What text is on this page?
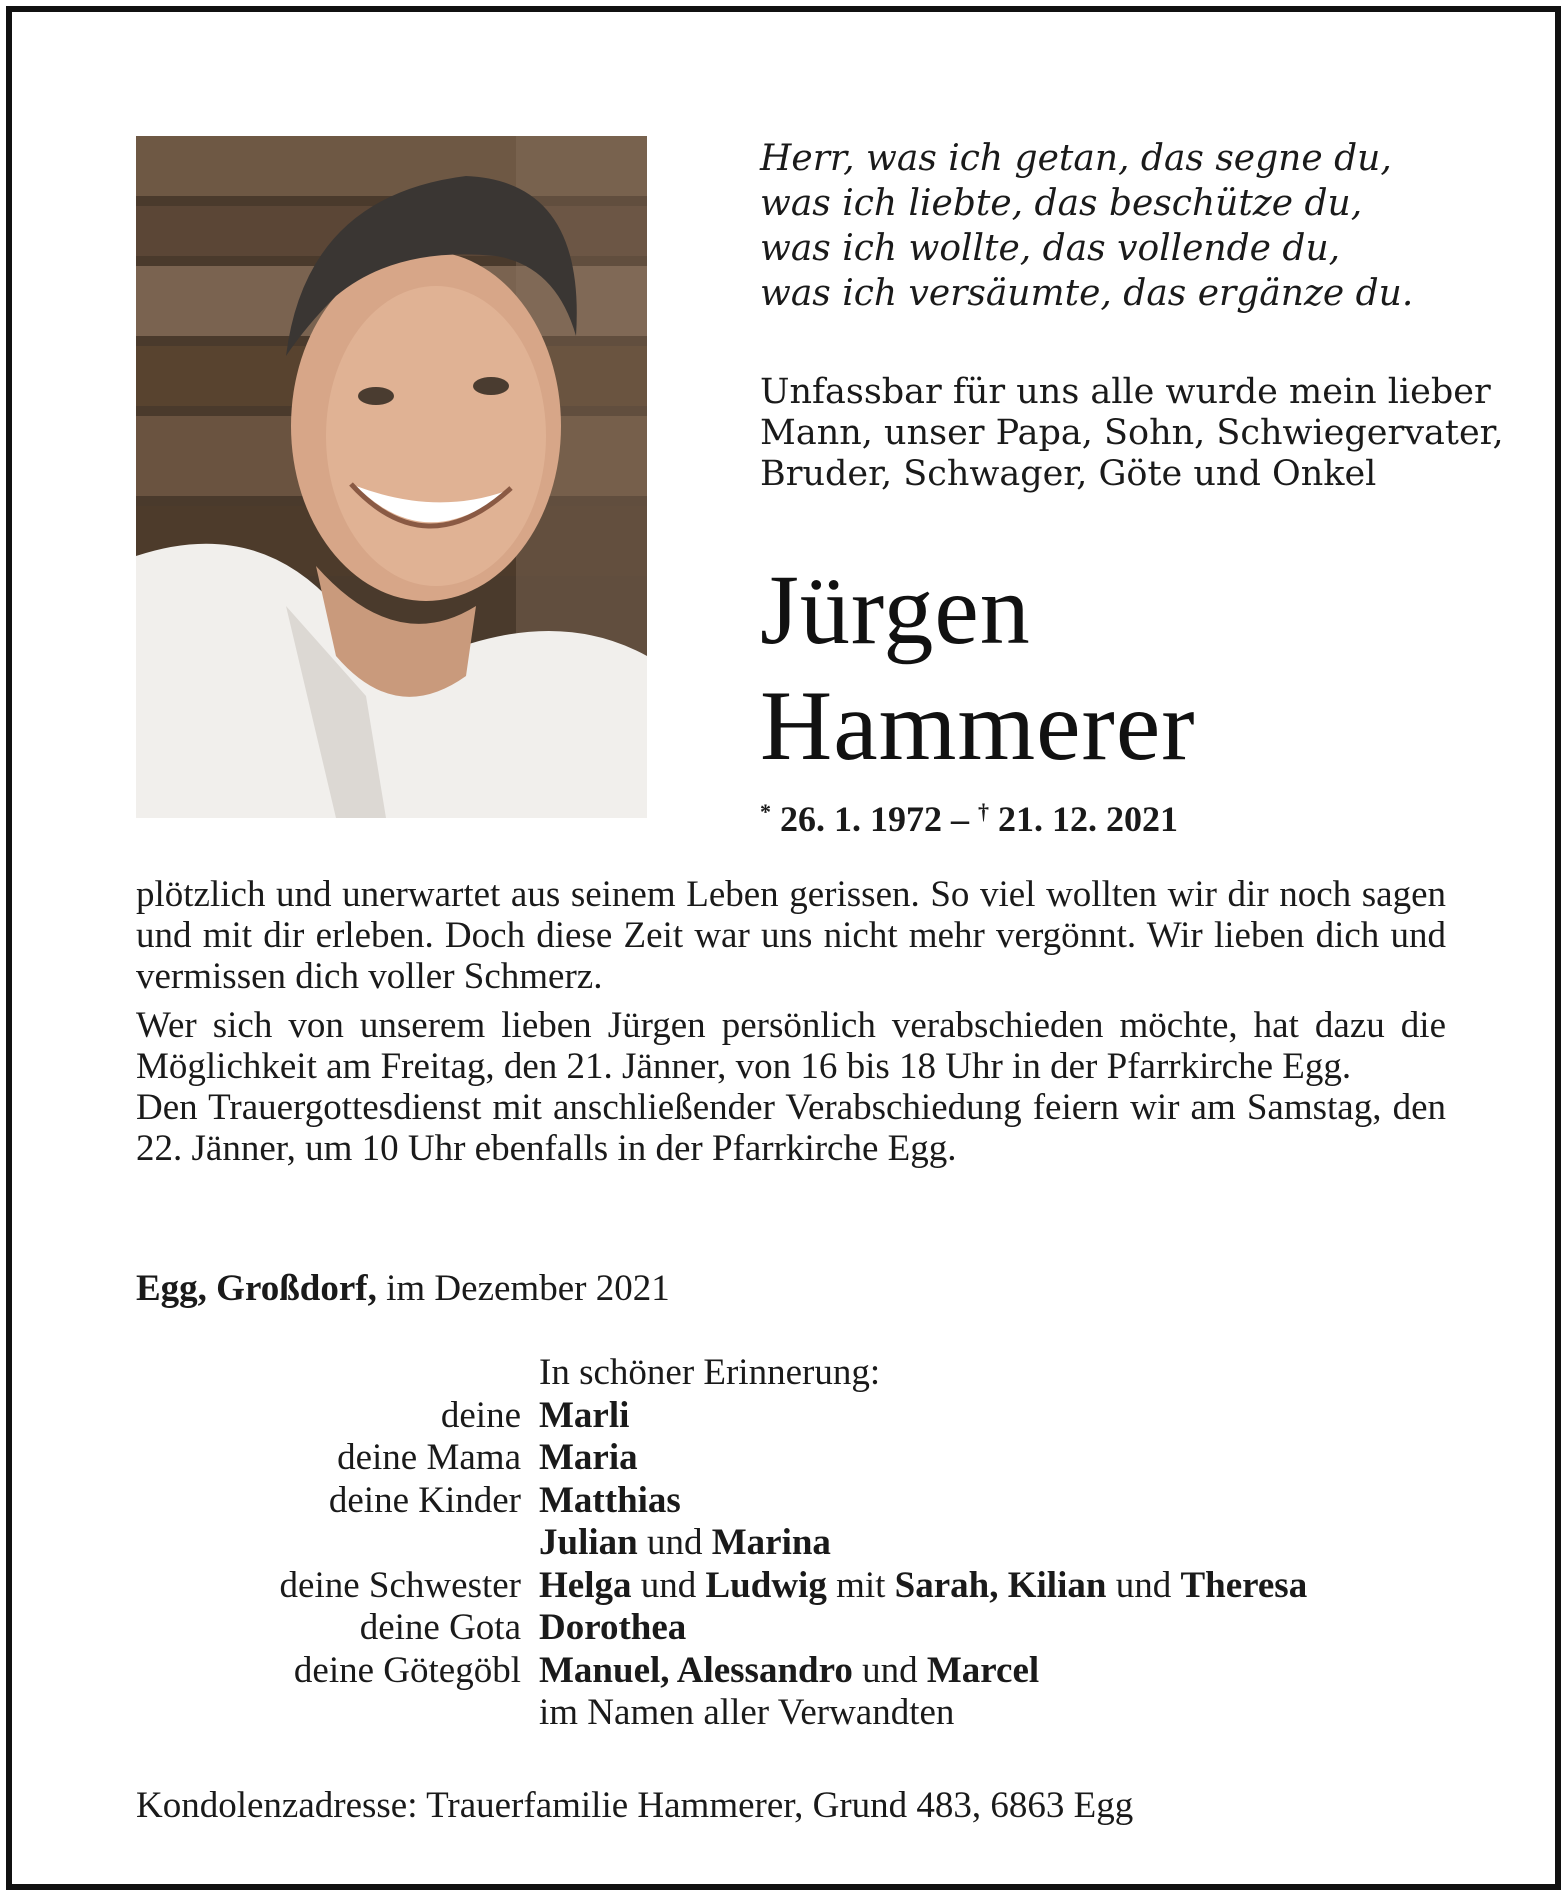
Herr, was ich getan, das segne du,
was ich liebte, das beschütze du,
was ich wollte, das vollende du,
was ich versäumte, das ergänze du.
Unfassbar für uns alle wurde mein lieber
Mann, unser Papa, Sohn, Schwiegervater,
Bruder, Schwager, Göte und Onkel
Jürgen
Hammerer
* 26. 1. 1972 – † 21. 12. 2021
plötzlich und unerwartet aus seinem Leben gerissen. So viel wollten wir dir noch sagen und mit dir erleben. Doch diese Zeit war uns nicht mehr vergönnt. Wir lieben dich und vermissen dich voller Schmerz.
Wer sich von unserem lieben Jürgen persönlich verabschieden möchte, hat dazu die Möglichkeit am Freitag, den 21. Jänner, von 16 bis 18 Uhr in der Pfarrkirche Egg.
Den Trauergottesdienst mit anschließender Verabschiedung feiern wir am Samstag, den 22. Jänner, um 10 Uhr ebenfalls in der Pfarrkirche Egg.
Egg, Großdorf, im Dezember 2021
In schöner Erinnerung:
deine Marli
deine Mama Maria
deine Kinder Matthias
Julian und Marina
deine Schwester Helga und Ludwig mit Sarah, Kilian und Theresa
deine Gota Dorothea
deine Götegöbl Manuel, Alessandro und Marcel
im Namen aller Verwandten
Kondolenzadresse: Trauerfamilie Hammerer, Grund 483, 6863 Egg
